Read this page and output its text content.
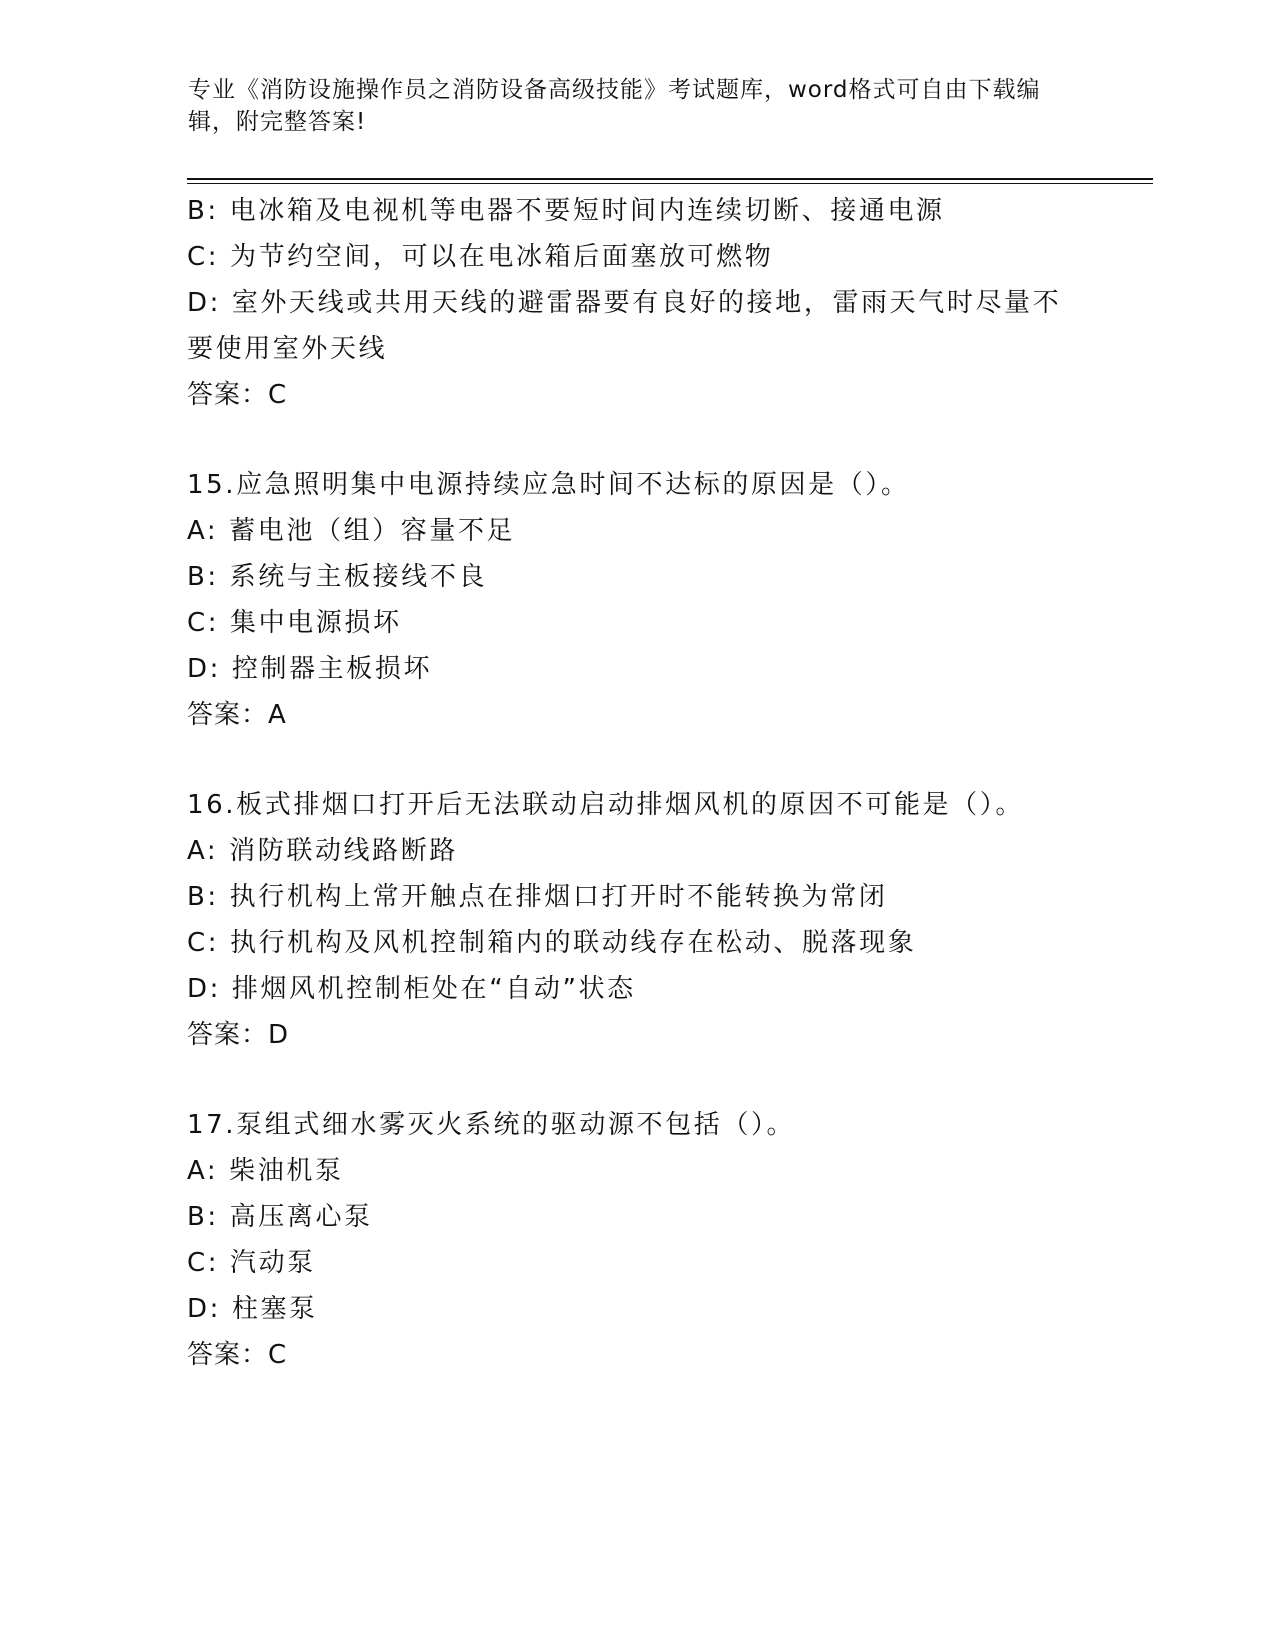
专业《消防设施操作员之消防设备高级技能》考试题库，word格式可自由下载编辑，附完整答案!
B: 电冰箱及电视机等电器不要短时间内连续切断、接通电源
C: 为节约空间，可以在电冰箱后面塞放可燃物
D: 室外天线或共用天线的避雷器要有良好的接地，雷雨天气时尽量不要使用室外天线
答案：C
15.应急照明集中电源持续应急时间不达标的原因是（）。
A: 蓄电池（组）容量不足
B: 系统与主板接线不良
C: 集中电源损坏
D: 控制器主板损坏
答案：A
16.板式排烟口打开后无法联动启动排烟风机的原因不可能是（）。
A: 消防联动线路断路
B: 执行机构上常开触点在排烟口打开时不能转换为常闭
C: 执行机构及风机控制箱内的联动线存在松动、脱落现象
D: 排烟风机控制柜处在“自动”状态
答案：D
17.泵组式细水雾灭火系统的驱动源不包括（）。
A: 柴油机泵
B: 高压离心泵
C: 汽动泵
D: 柱塞泵
答案：C
